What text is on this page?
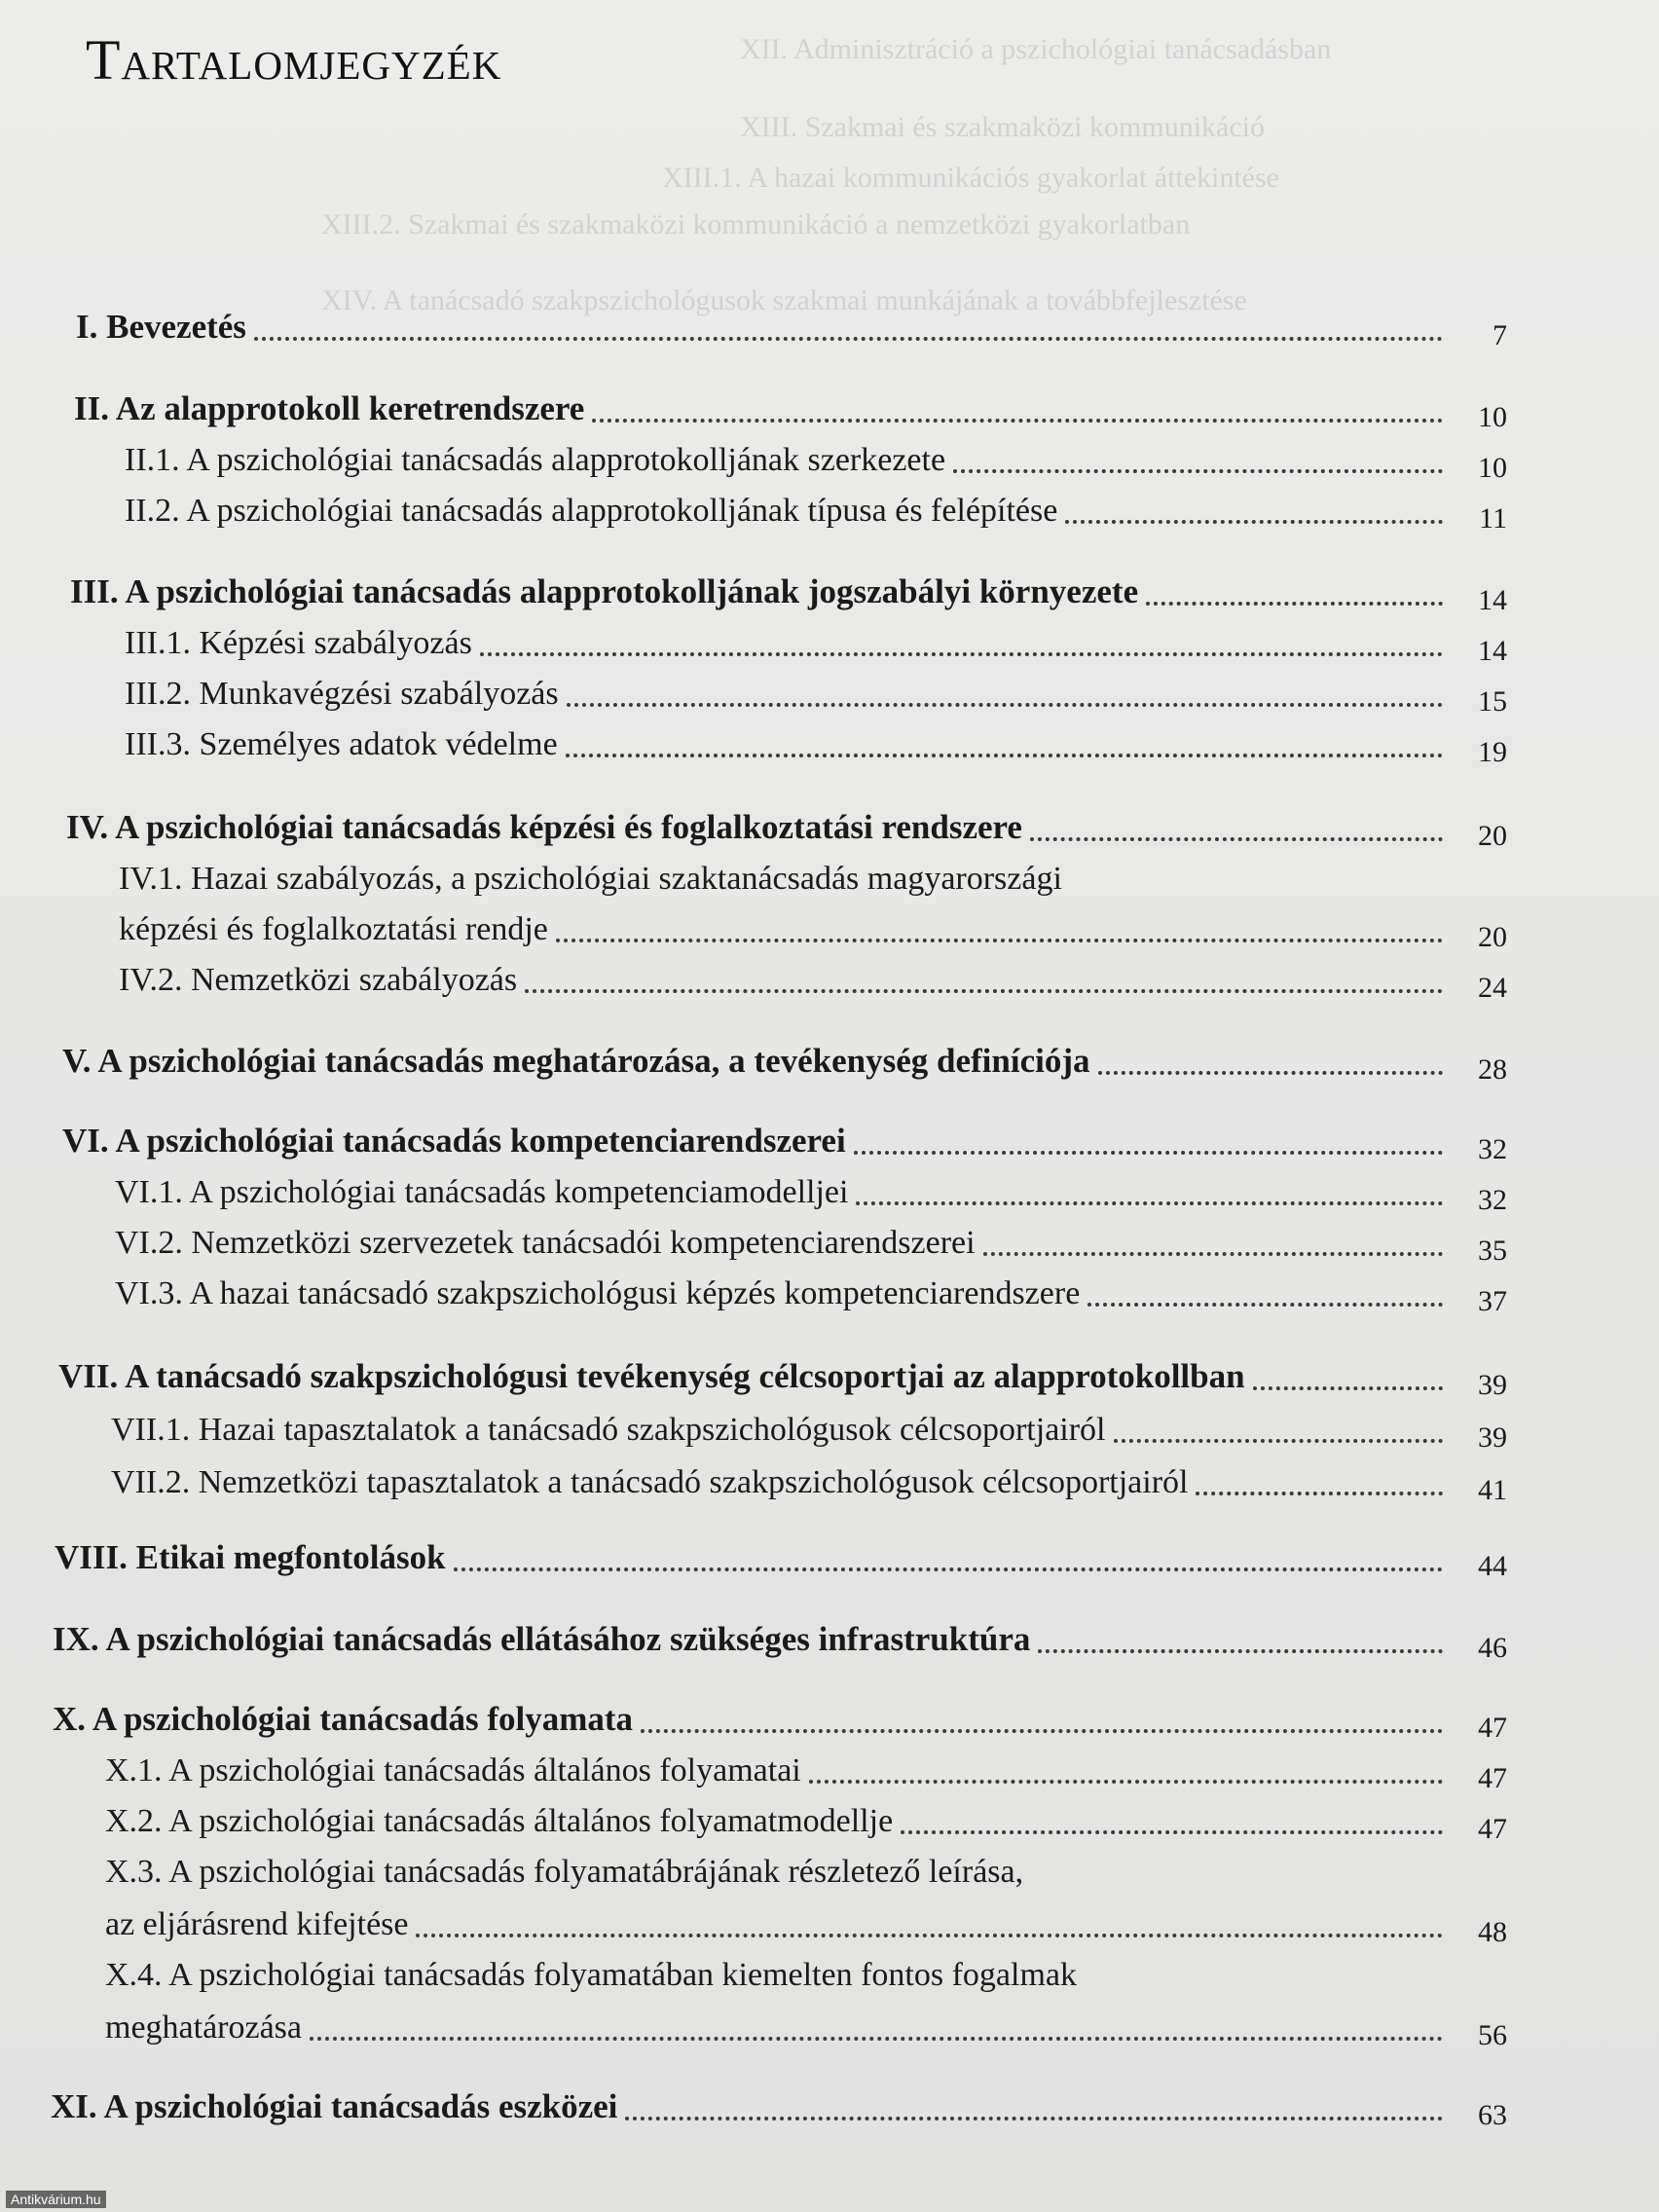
Tartalomjegyzék	XII. Adminisztráció a pszichológiai tanácsadásban
XIII. Szakmai és szakmaközi kommunikáció
XIII.1. A hazai kommunikációs gyakorlat áttekintése
XIII.2. Szakmai és szakmaközi kommunikáció a nemzetközi gyakorlatban
XIV. A tanácsadó szakpszichológusok szakmai munkájának a továbbfejlesztése
I. Bevezetés	7
II. Az alapprotokoll keretrendszere	10
II.1. A pszichológiai tanácsadás alapprotokolljának szerkezete	10
II.2. A pszichológiai tanácsadás alapprotokolljának típusa és felépítése	11
III. A pszichológiai tanácsadás alapprotokolljának jogszabályi környezete	14
III.1. Képzési szabályozás	14
III.2. Munkavégzési szabályozás	15
III.3. Személyes adatok védelme	19
IV. A pszichológiai tanácsadás képzési és foglalkoztatási rendszere	20
IV.1. Hazai szabályozás, a pszichológiai szaktanácsadás magyarországi
képzési és foglalkoztatási rendje	20
IV.2. Nemzetközi szabályozás	24
V. A pszichológiai tanácsadás meghatározása, a tevékenység definíciója	28
VI. A pszichológiai tanácsadás kompetenciarendszerei	32
VI.1. A pszichológiai tanácsadás kompetenciamodelljei	32
VI.2. Nemzetközi szervezetek tanácsadói kompetenciarendszerei	35
VI.3. A hazai tanácsadó szakpszichológusi képzés kompetenciarendszere	37
VII. A tanácsadó szakpszichológusi tevékenység célcsoportjai az alapprotokollban	39
VII.1. Hazai tapasztalatok a tanácsadó szakpszichológusok célcsoportjairól	39
VII.2. Nemzetközi tapasztalatok a tanácsadó szakpszichológusok célcsoportjairól	41
VIII. Etikai megfontolások	44
IX. A pszichológiai tanácsadás ellátásához szükséges infrastruktúra	46
X. A pszichológiai tanácsadás folyamata	47
X.1. A pszichológiai tanácsadás általános folyamatai	47
X.2. A pszichológiai tanácsadás általános folyamatmodellje	47
X.3. A pszichológiai tanácsadás folyamatábrájának részletező leírása,
az eljárásrend kifejtése	48
X.4. A pszichológiai tanácsadás folyamatában kiemelten fontos fogalmak
meghatározása	56
XI. A pszichológiai tanácsadás eszközei	63
Antikvárium.hu
